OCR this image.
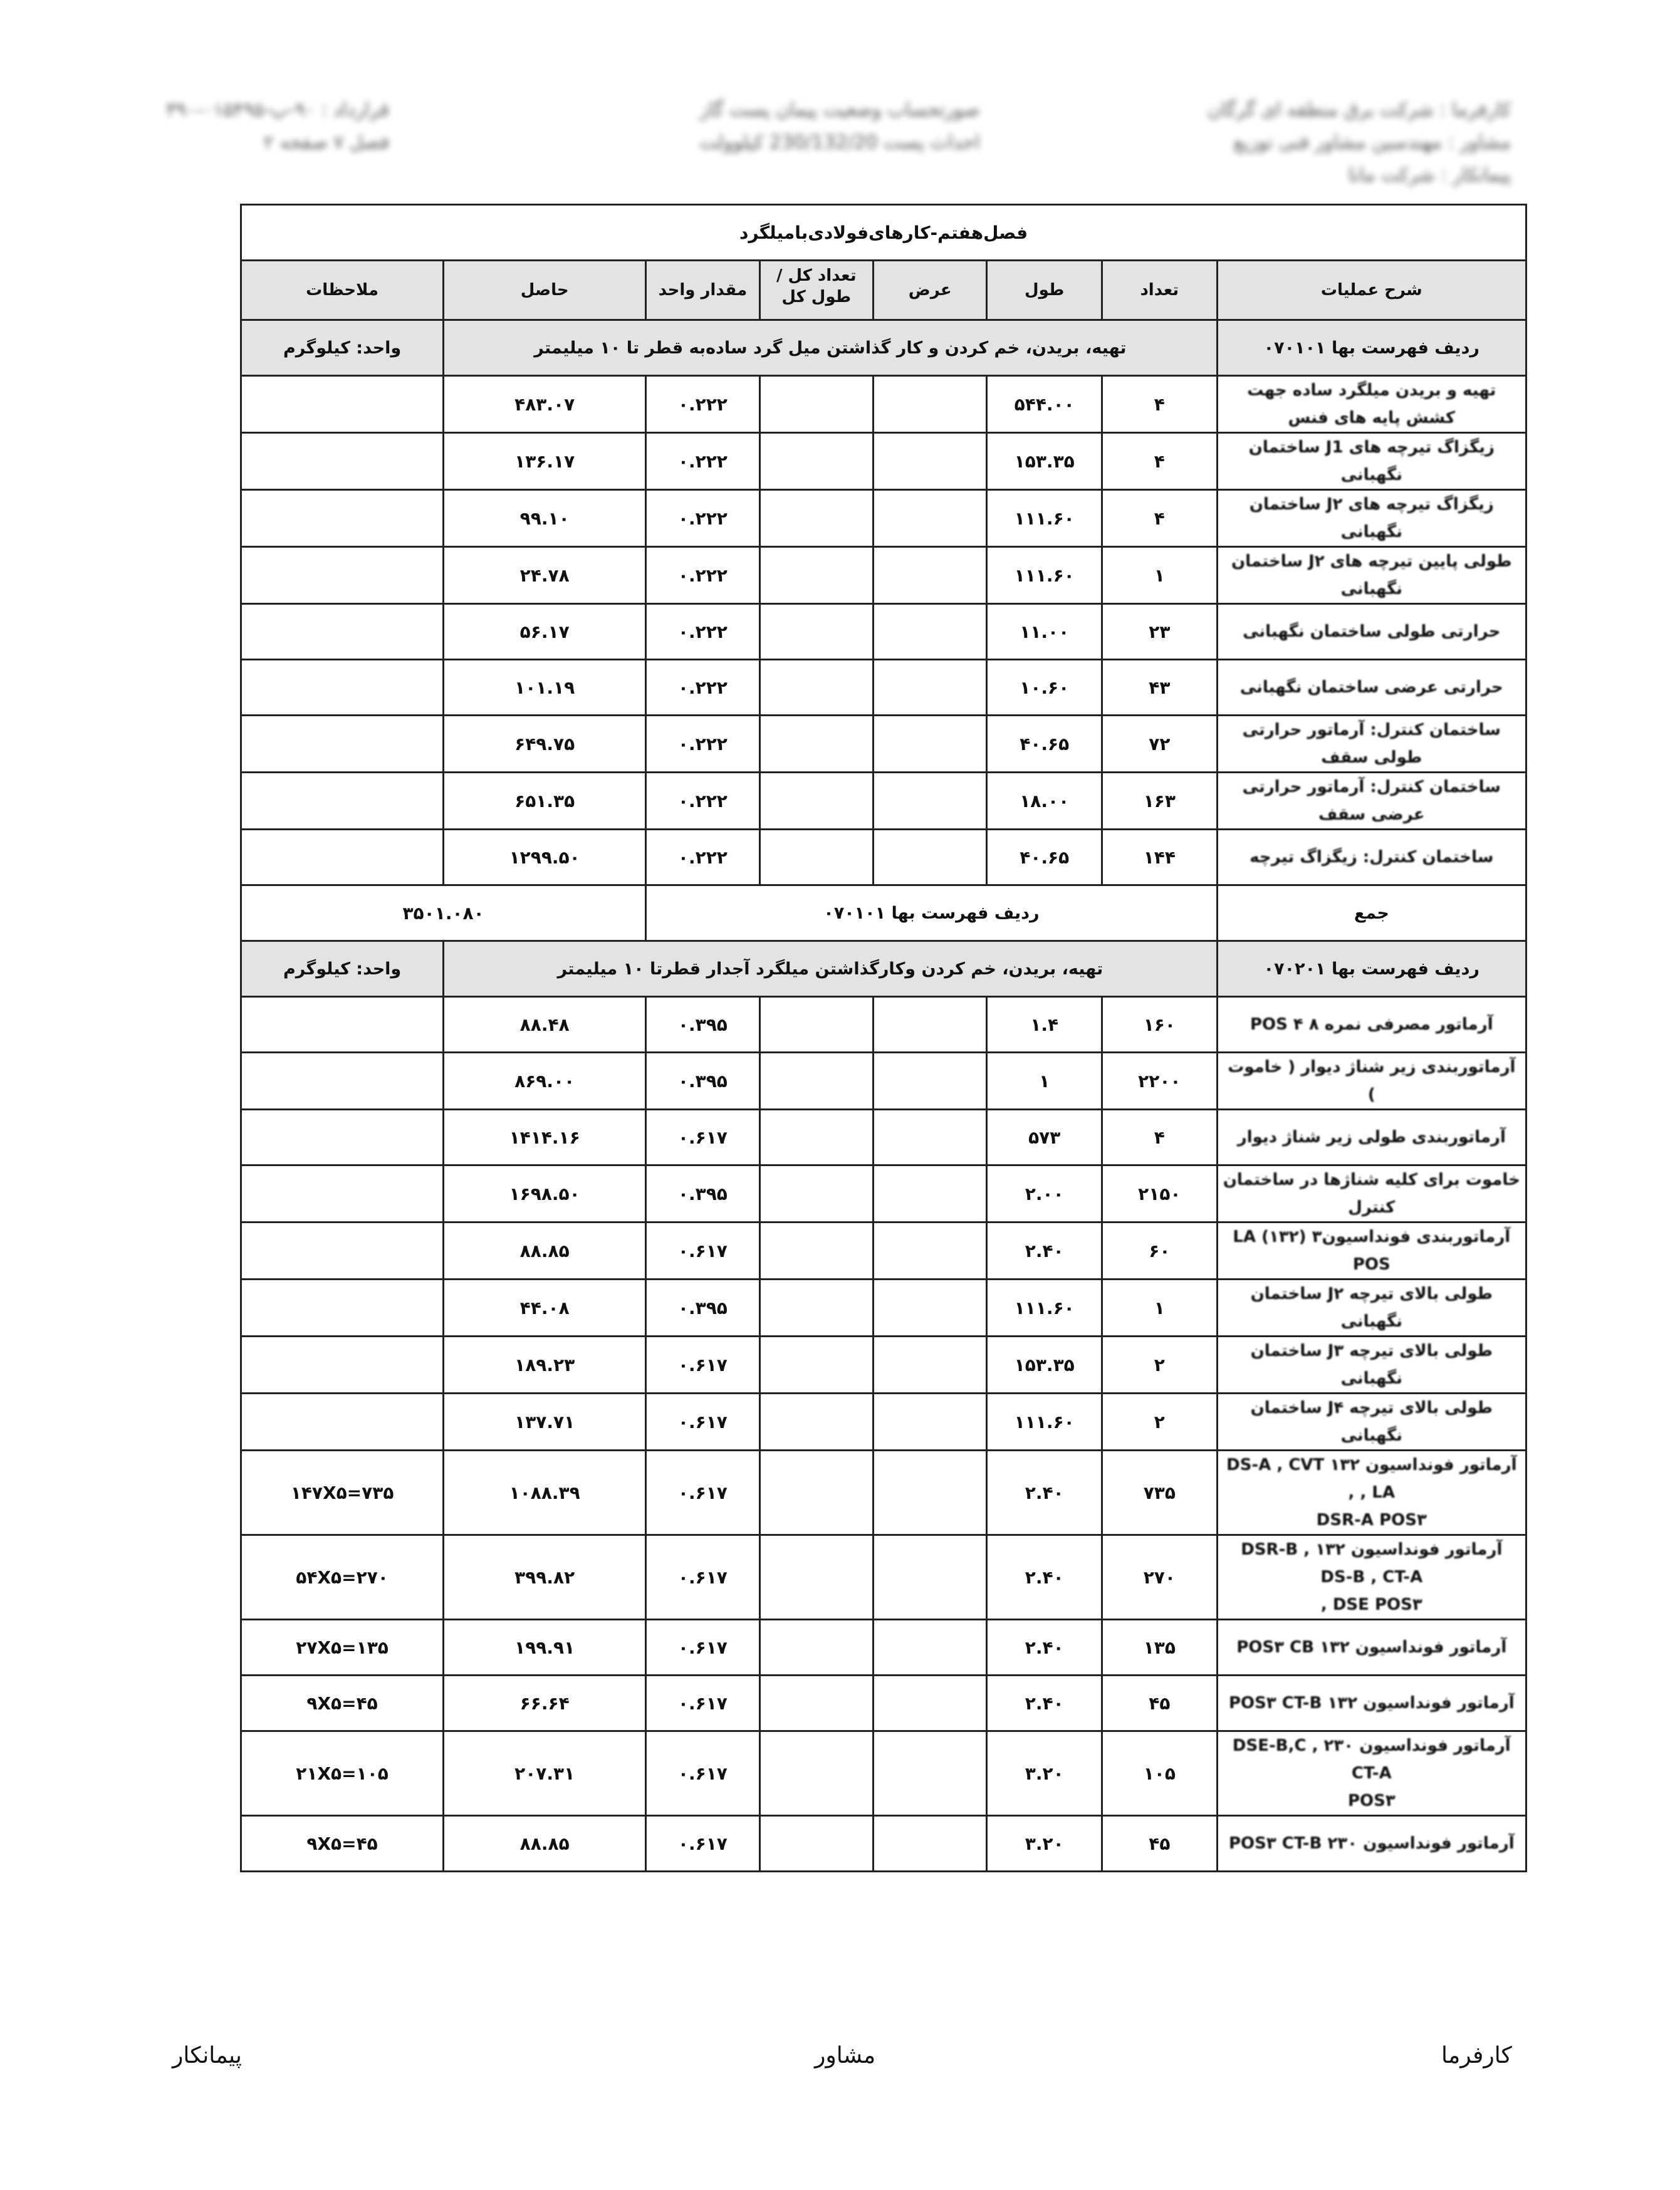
کارفرما : شرکت برق منطقه ای گرگان
مشاور : مهندسین مشاور فنی توزیع
پیمانکار : شرکت مانا
صورتحساب وضعیت پیمان پست گاز
احداث پست 230/132/20 کیلوولت
قرارداد : ۹۰-پ-۰۱۵۴۹۵-۳۹۰
فصل ۷ صفحه ۲
فصل‌هفتم-کارهای‌فولادی‌بامیلگرد							
شرح عملیات	تعداد	طول	عرض	تعداد کل / طول کل	مقدار واحد	حاصل	ملاحظات
ردیف فهرست بها ۰۷۰۱۰۱	تهیه، بریدن، خم کردن و کار گذاشتن میل گرد ساده‌به قطر تا ۱۰ میلیمتر						واحد: کیلوگرم
تهیه و بریدن میلگرد ساده جهت کشش پایه های فنس	۴	۵۴۴.۰۰			۰.۲۲۲	۴۸۳.۰۷	
زیگزاگ تیرچه های J1 ساختمان نگهبانی	۴	۱۵۳.۳۵			۰.۲۲۲	۱۳۶.۱۷	
زیگزاگ تیرچه های J۲ ساختمان نگهبانی	۴	۱۱۱.۶۰			۰.۲۲۲	۹۹.۱۰	
طولی پایین تیرچه های J۲ ساختمان نگهبانی	۱	۱۱۱.۶۰			۰.۲۲۲	۲۴.۷۸	
حرارتی طولی ساختمان نگهبانی	۲۳	۱۱.۰۰			۰.۲۲۲	۵۶.۱۷	
حرارتی عرضی ساختمان نگهبانی	۴۳	۱۰.۶۰			۰.۲۲۲	۱۰۱.۱۹	
ساختمان کنترل: آرماتور حرارتی طولی سقف	۷۲	۴۰.۶۵			۰.۲۲۲	۶۴۹.۷۵	
ساختمان کنترل: آرماتور حرارتی عرضی سقف	۱۶۳	۱۸.۰۰			۰.۲۲۲	۶۵۱.۳۵	
ساختمان کنترل: زیگزاگ تیرچه	۱۴۴	۴۰.۶۵			۰.۲۲۲	۱۲۹۹.۵۰	
جمع	ردیف فهرست بها ۰۷۰۱۰۱					۳۵۰۱.۰۸۰	
ردیف فهرست بها ۰۷۰۲۰۱	تهیه، بریدن، خم کردن وکارگذاشتن میلگرد آجدار قطرتا ۱۰ میلیمتر						واحد: کیلوگرم
آرماتور مصرفی نمره ۸ POS ۴	۱۶۰	۱.۴			۰.۳۹۵	۸۸.۴۸	
آرماتوربندی زیر شناژ دیوار ( خاموت )	۲۲۰۰	۱			۰.۳۹۵	۸۶۹.۰۰	
آرماتوربندی طولی زیر شناژ دیوار	۴	۵۷۳			۰.۶۱۷	۱۴۱۴.۱۶	
خاموت برای کلیه شناژها در ساختمان کنترل	۲۱۵۰	۲.۰۰			۰.۳۹۵	۱۶۹۸.۵۰	
آرماتوربندی فونداسیونLA (۱۳۲) ۳ POS	۶۰	۲.۴۰			۰.۶۱۷	۸۸.۸۵	
طولی بالای تیرچه J۲ ساختمان نگهبانی	۱	۱۱۱.۶۰			۰.۳۹۵	۴۴.۰۸	
طولی بالای تیرچه J۳ ساختمان نگهبانی	۲	۱۵۳.۳۵			۰.۶۱۷	۱۸۹.۲۳	
طولی بالای تیرچه J۴ ساختمان نگهبانی	۲	۱۱۱.۶۰			۰.۶۱۷	۱۳۷.۷۱	
آرماتور فونداسیون ۱۳۲ DS-A , CVT , LA ,
DSR-A POS۳	۷۳۵	۲.۴۰			۰.۶۱۷	۱۰۸۸.۳۹	۱۴۷X۵=۷۳۵
آرماتور فونداسیون ۱۳۲ DSR-B , DS-B , CT-A
DSE POS۳ ,	۲۷۰	۲.۴۰			۰.۶۱۷	۳۹۹.۸۲	۵۴X۵=۲۷۰
آرماتور فونداسیون ۱۳۲ POS۳ CB	۱۳۵	۲.۴۰			۰.۶۱۷	۱۹۹.۹۱	۲۷X۵=۱۳۵
آرماتور فونداسیون ۱۳۲ POS۳ CT-B	۴۵	۲.۴۰			۰.۶۱۷	۶۶.۶۴	۹X۵=۴۵
آرماتور فونداسیون ۲۳۰ DSE-B,C , CT-A
POS۳	۱۰۵	۳.۲۰			۰.۶۱۷	۲۰۷.۳۱	۲۱X۵=۱۰۵
آرماتور فونداسیون ۲۳۰ POS۳ CT-B	۴۵	۳.۲۰			۰.۶۱۷	۸۸.۸۵	۹X۵=۴۵
کارفرما
مشاور
پیمانکار
